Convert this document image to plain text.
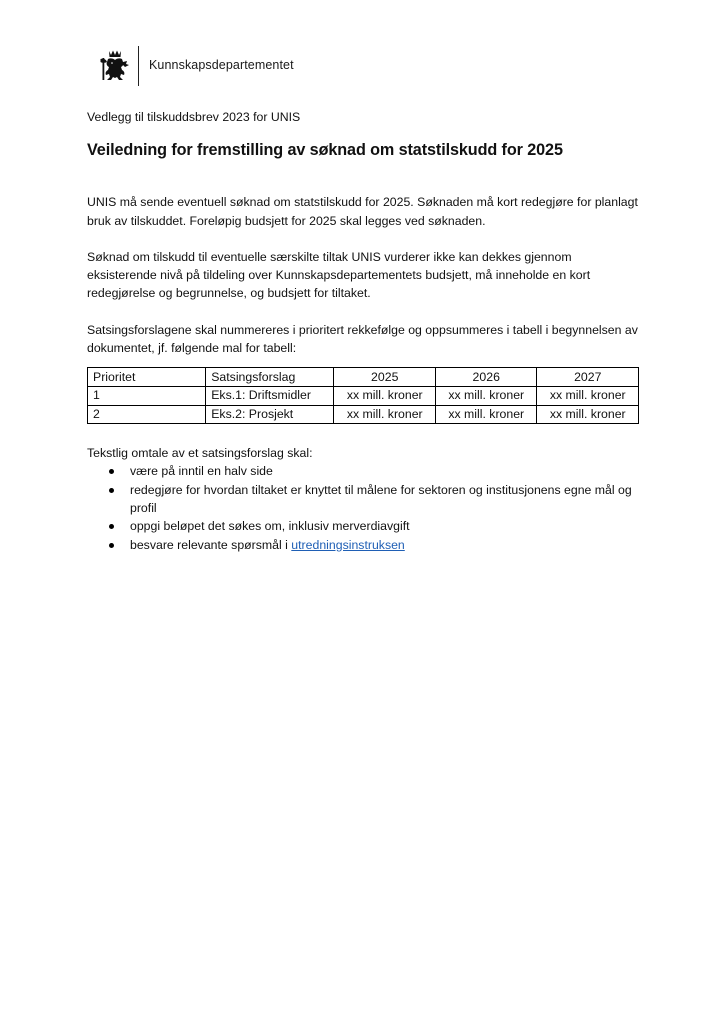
Kunnskapsdepartementet
Vedlegg til tilskuddsbrev 2023 for UNIS
Veiledning for fremstilling av søknad om statstilskudd for 2025

UNIS må sende eventuell søknad om statstilskudd for 2025. Søknaden må kort redegjøre for planlagt bruk av tilskuddet. Foreløpig budsjett for 2025 skal legges ved søknaden.

Søknad om tilskudd til eventuelle særskilte tiltak UNIS vurderer ikke kan dekkes gjennom eksisterende nivå på tildeling over Kunnskapsdepartementets budsjett, må inneholde en kort redegjørelse og begrunnelse, og budsjett for tiltaket.

Satsingsforslagene skal nummereres i prioritert rekkefølge og oppsummeres i tabell i begynnelsen av dokumentet, jf. følgende mal for tabell:

Prioritet	Satsingsforslag	2025	2026	2027
1	Eks.1: Driftsmidler	xx mill. kroner	xx mill. kroner	xx mill. kroner
2	Eks.2: Prosjekt	xx mill. kroner	xx mill. kroner	xx mill. kroner
Tekstlig omtale av et satsingsforslag skal:
være på inntil en halv side
redegjøre for hvordan tiltaket er knyttet til målene for sektoren og institusjonens egne mål og profil
oppgi beløpet det søkes om, inklusiv merverdiavgift
besvare relevante spørsmål i utredningsinstruksen
